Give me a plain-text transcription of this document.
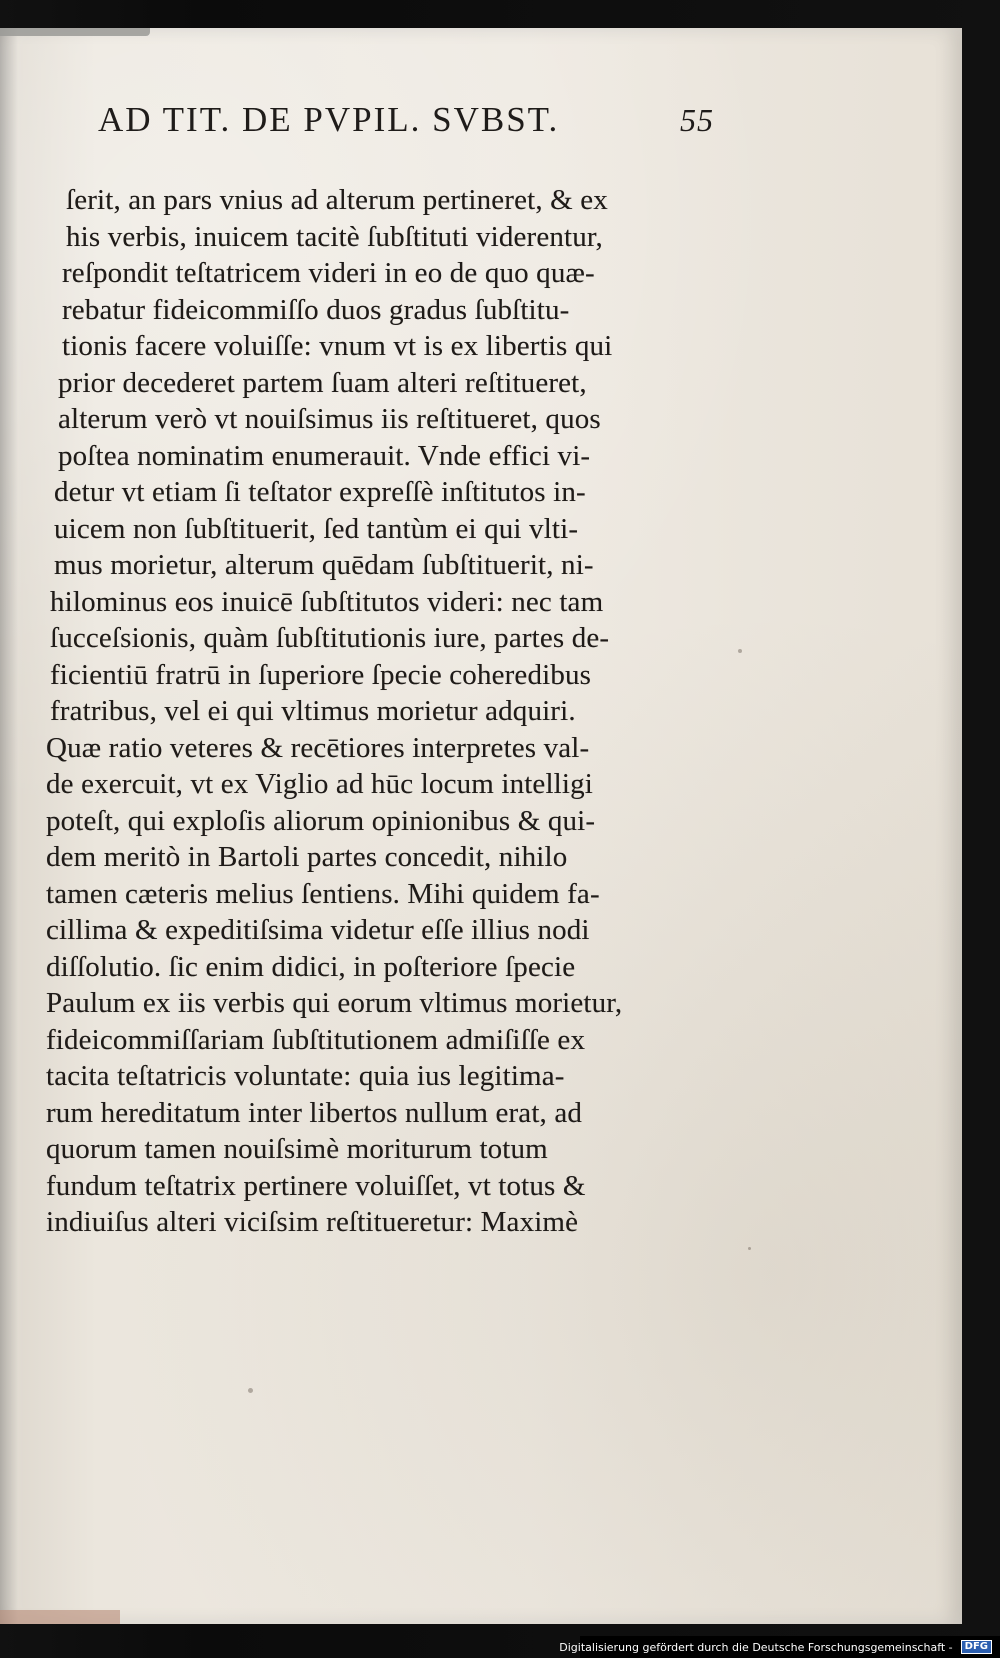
AD TIT. DE PVPIL. SVBST.	55
ſerit, an pars vnius ad alterum pertineret, & ex
his verbis, inuicem tacitè ſubſtituti viderentur,
reſpondit teſtatricem videri in eo de quo quæ-
rebatur fideicommiſſo duos gradus ſubſtitu-
tionis facere voluiſſe: vnum vt is ex libertis qui
prior decederet partem ſuam alteri reſtitueret,
alterum verò vt nouiſsimus iis reſtitueret, quos
poſtea nominatim enumerauit. Vnde effici vi-
detur vt etiam ſi teſtator expreſſè inſtitutos in-
uicem non ſubſtituerit, ſed tantùm ei qui vlti-
mus morietur, alterum quēdam ſubſtituerit, ni-
hilominus eos inuicē ſubſtitutos videri: nec tam
ſucceſsionis, quàm ſubſtitutionis iure, partes de-
ficientiū fratrū in ſuperiore ſpecie coheredibus
fratribus, vel ei qui vltimus morietur adquiri.
Quæ ratio veteres & recētiores interpretes val-
de exercuit, vt ex Viglio ad hūc locum intelligi
poteſt, qui exploſis aliorum opinionibus & qui-
dem meritò in Bartoli partes concedit, nihilo
tamen cæteris melius ſentiens. Mihi quidem fa-
cillima & expeditiſsima videtur eſſe illius nodi
diſſolutio. ſic enim didici, in poſteriore ſpecie
Paulum ex iis verbis qui eorum vltimus morietur,
fideicommiſſariam ſubſtitutionem admiſiſſe ex
tacita teſtatricis voluntate: quia ius legitima-
rum hereditatum inter libertos nullum erat, ad
quorum tamen nouiſsimè moriturum totum
fundum teſtatrix pertinere voluiſſet, vt totus &
indiuiſus alteri viciſsim reſtitueretur: Maximè
Digitalisierung gefördert durch die Deutsche Forschungsgemeinschaft -	DFG
